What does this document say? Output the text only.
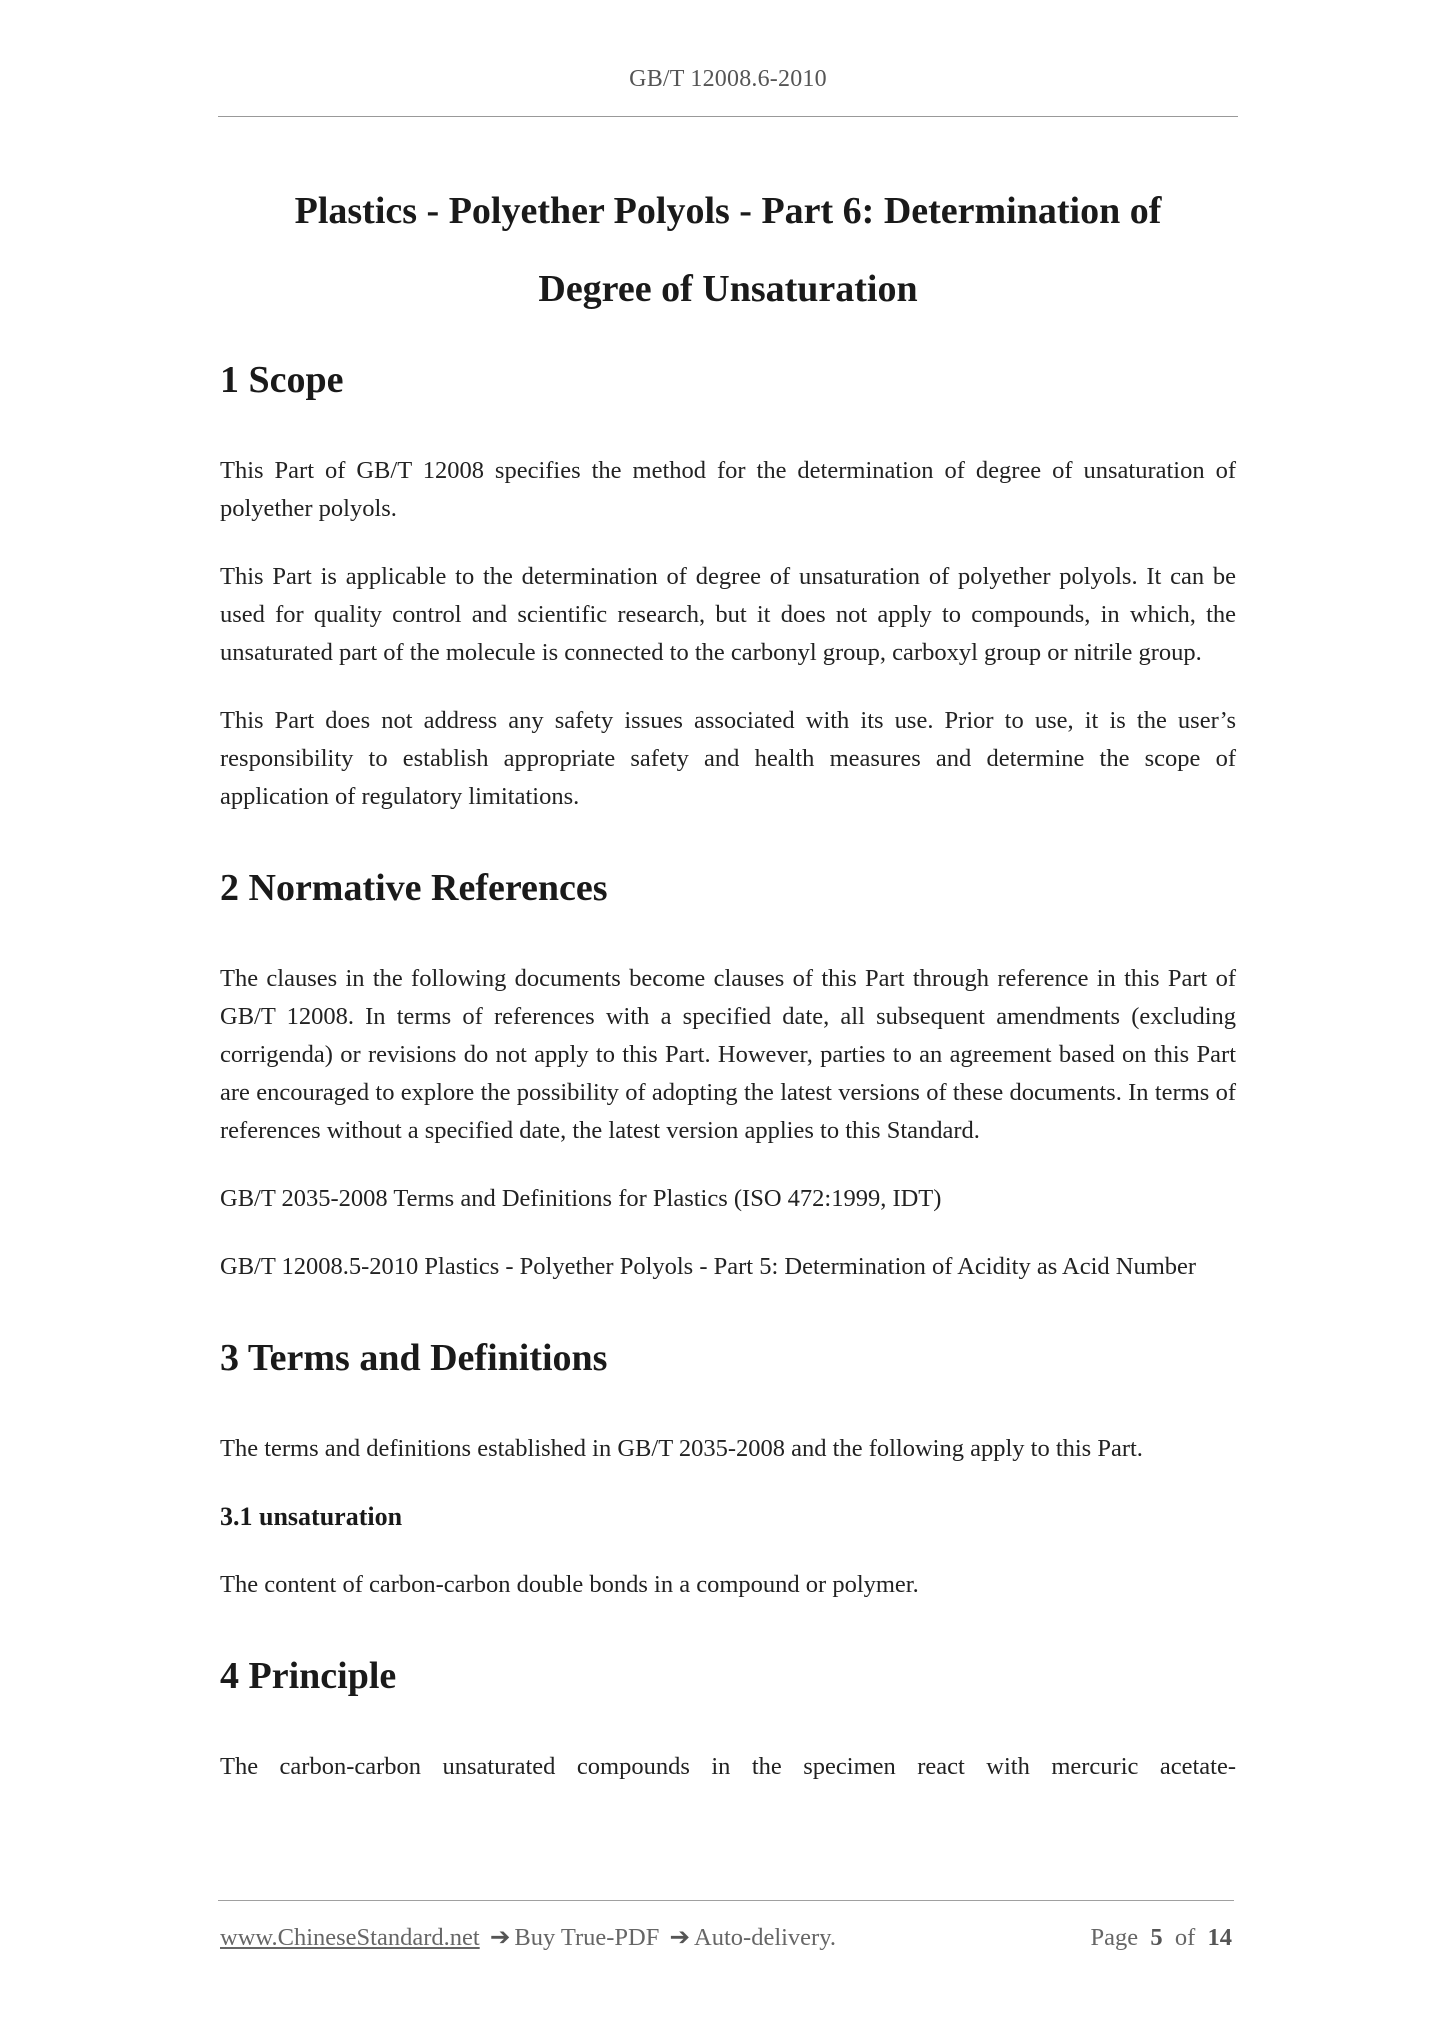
GB/T 12008.6-2010
Plastics - Polyether Polyols - Part 6: Determination of
Degree of Unsaturation
1 Scope

This Part of GB/T 12008 specifies the method for the determination of degree of unsaturation of polyether polyols.

This Part is applicable to the determination of degree of unsaturation of polyether polyols. It can be used for quality control and scientific research, but it does not apply to compounds, in which, the unsaturated part of the molecule is connected to the carbonyl group, carboxyl group or nitrile group.

This Part does not address any safety issues associated with its use. Prior to use, it is the user’s responsibility to establish appropriate safety and health measures and determine the scope of application of regulatory limitations.

2 Normative References

The clauses in the following documents become clauses of this Part through reference in this Part of GB/T 12008. In terms of references with a specified date, all subsequent amendments (excluding corrigenda) or revisions do not apply to this Part. However, parties to an agreement based on this Part are encouraged to explore the possibility of adopting the latest versions of these documents. In terms of references without a specified date, the latest version applies to this Standard.

GB/T 2035-2008 Terms and Definitions for Plastics (ISO 472:1999, IDT)

GB/T 12008.5-2010 Plastics - Polyether Polyols - Part 5: Determination of Acidity as Acid Number

3 Terms and Definitions

The terms and definitions established in GB/T 2035-2008 and the following apply to this Part.

3.1 unsaturation

The content of carbon-carbon double bonds in a compound or polymer.

4 Principle

The carbon-carbon unsaturated compounds in the specimen react with mercuric acetate-

www.ChineseStandard.net ➔ Buy True-PDF ➔ Auto-delivery.	Page 5 of 14
